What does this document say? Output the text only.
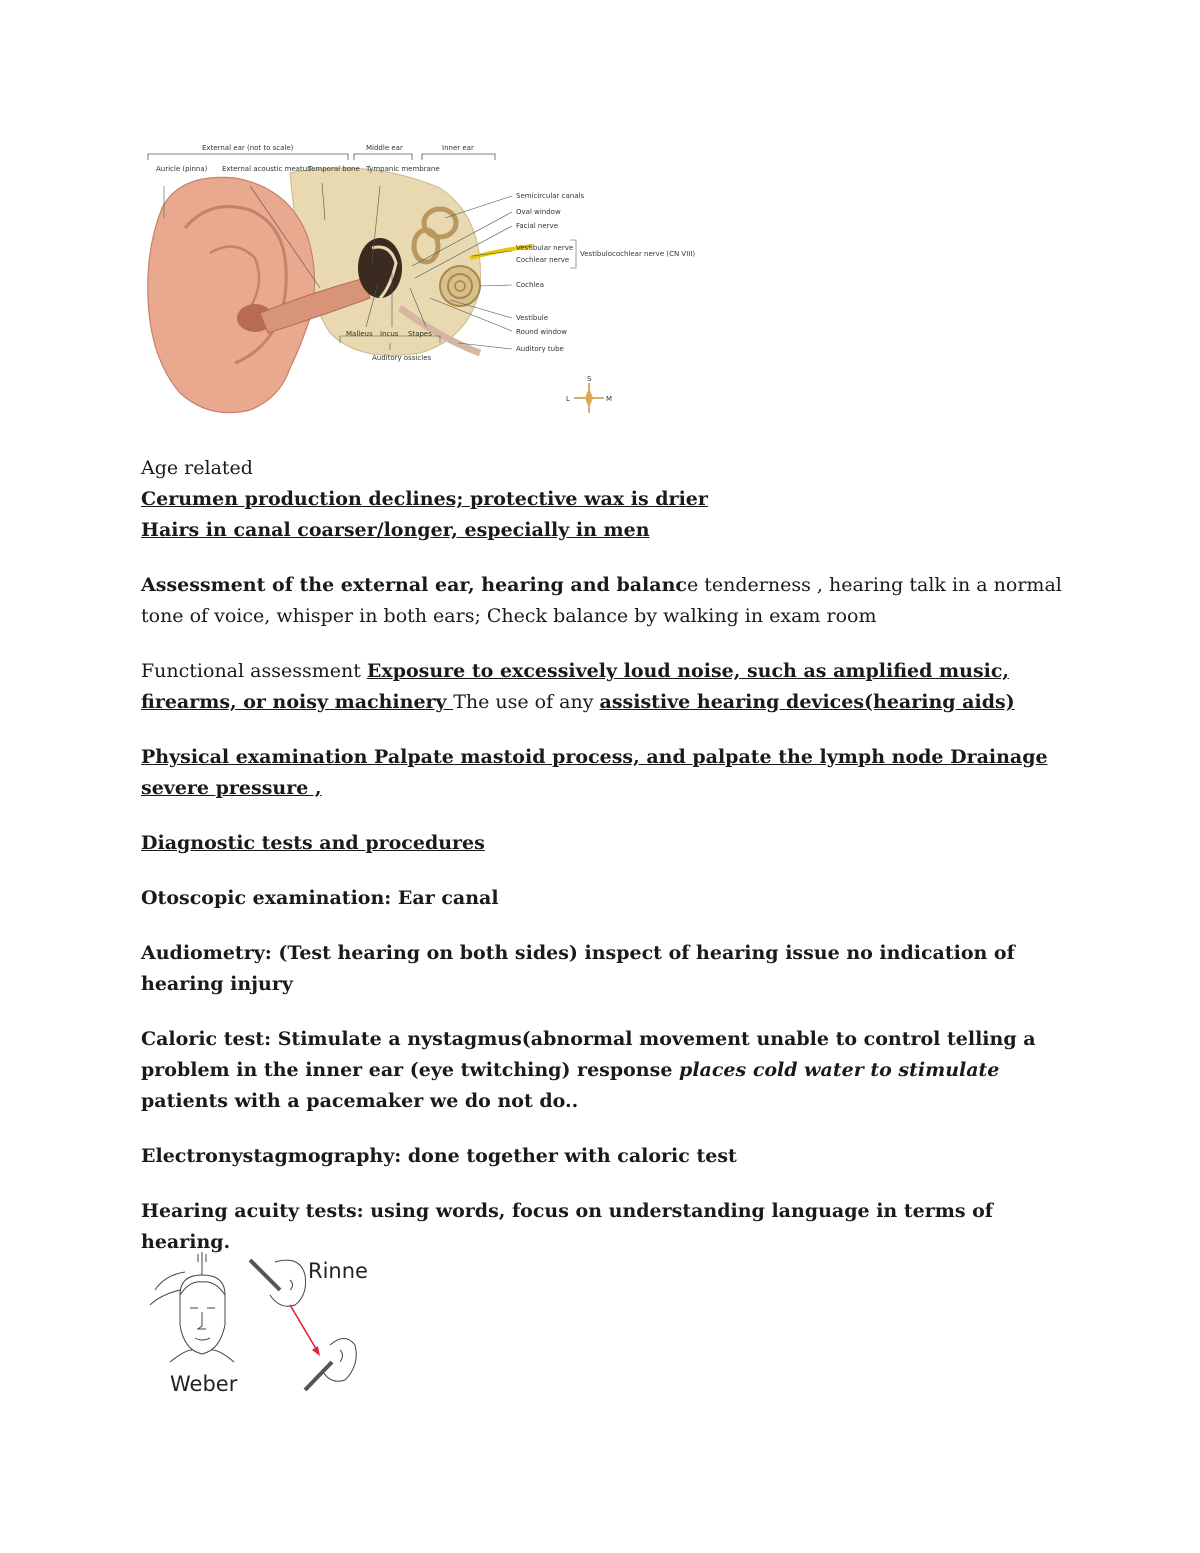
External ear (not to scale)	Middle ear	Inner ear
Auricle (pinna) External acoustic meatus
Temporal bone Tympanic membrane
Semicircular canals
Oval window
Facial nerve
Vestibular nerve
Cochlear nerve
Vestibulocochlear nerve (CN VIII)
Cochlea
Vestibule
Round window
Auditory tube
Malleus Incus Stapes
Auditory ossicles
S
L	M

Age related

Cerumen production declines; protective wax is drier

Hairs in canal coarser/longer, especially in men

Assessment of the external ear, hearing and balance tenderness , hearing talk in a normal tone of voice, whisper in both ears; Check balance by walking in exam room

Functional assessment Exposure to excessively loud noise, such as amplified music, firearms, or noisy machinery The use of any assistive hearing devices(hearing aids)

Physical examination Palpate mastoid process, and palpate the lymph node Drainage severe pressure ,

Diagnostic tests and procedures

Otoscopic examination: Ear canal

Audiometry: (Test hearing on both sides) inspect of hearing issue no indication of hearing injury

Caloric test: Stimulate a nystagmus(abnormal movement unable to control telling a problem in the inner ear (eye twitching) response places cold water to stimulate patients with a pacemaker we do not do..

Electronystagmography: done together with caloric test

Hearing acuity tests: using words, focus on understanding language in terms of hearing.

Weber
Rinne
